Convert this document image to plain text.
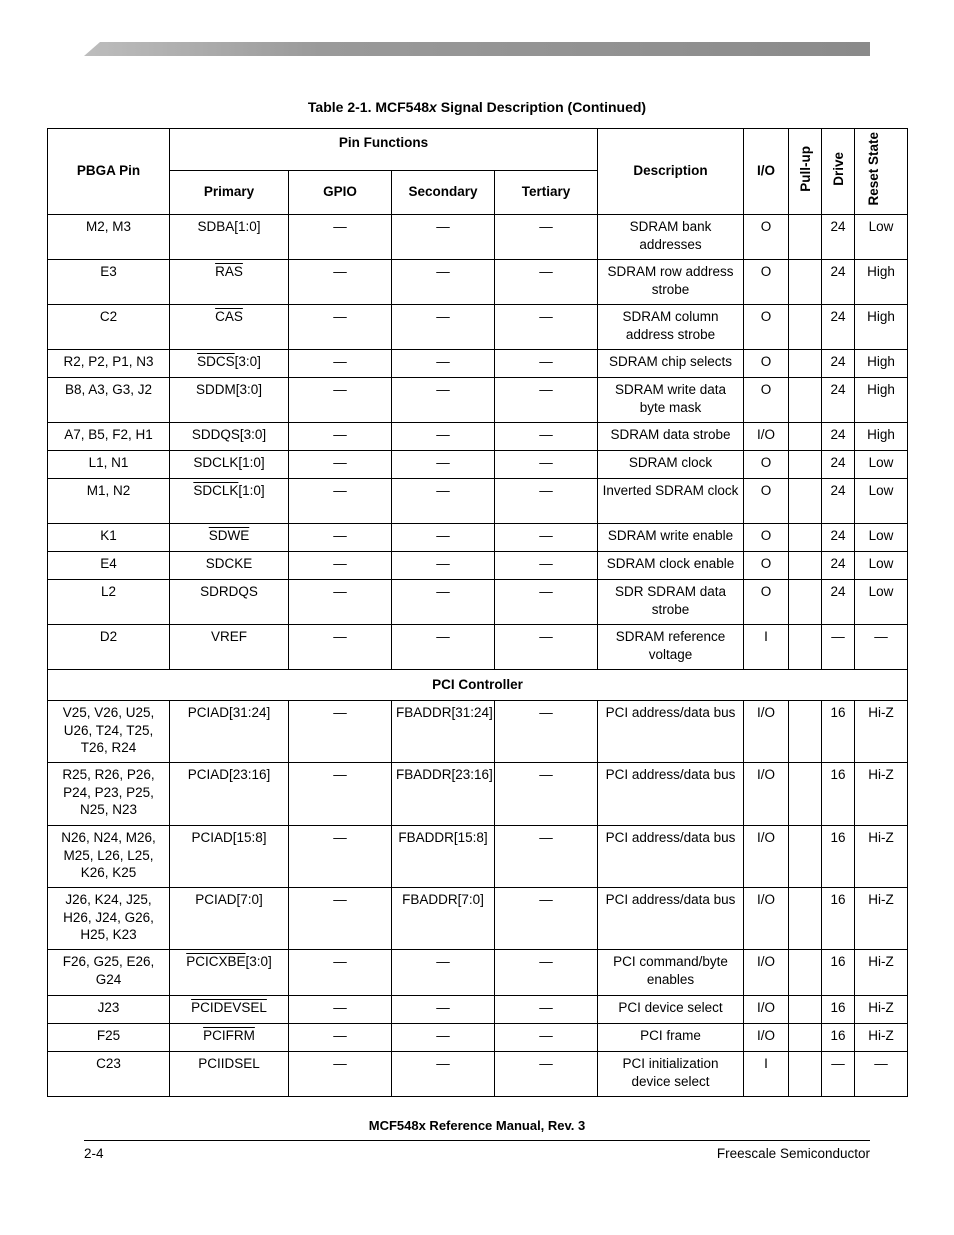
Table 2-1. MCF548x Signal Description (Continued)
PBGA Pin	Pin Functions				Description	I/O	Pull-up	Drive	Reset State
	Primary	GPIO	Secondary	Tertiary					
M2, M3	SDBA[1:0]	—	—	—	SDRAM bank addresses	O		24	Low
E3	$\overline{RAS}$	—	—	—	SDRAM row address strobe	O		24	High
C2	$\overline{CAS}$	—	—	—	SDRAM column address strobe	O		24	High
R2, P2, P1, N3	SDCS[3:0]	—	—	—	SDRAM chip selects	O		24	High
B8, A3, G3, J2	SDDM[3:0]	—	—	—	SDRAM write data byte mask	O		24	High
A7, B5, F2, H1	SDDQS[3:0]	—	—	—	SDRAM data strobe	I/O		24	High
L1, N1	SDCLK[1:0]	—	—	—	SDRAM clock	O		24	Low
M1, N2	SDCLK[1:0]	—	—	—	Inverted SDRAM clock	O		24	Low
K1	SDWE	—	—	—	SDRAM write enable	O		24	Low
E4	SDCKE	—	—	—	SDRAM clock enable	O		24	Low
L2	SDRDQS	—	—	—	SDR SDRAM data strobe	O		24	Low
D2	VREF	—	—	—	SDRAM reference voltage	I		—	—
PCI Controller									
V25, V26, U25, U26, T24, T25, T26, R24	PCIAD[31:24]	—	FBADDR[31:24]	—	PCI address/data bus	I/O		16	Hi-Z
R25, R26, P26, P24, P23, P25, N25, N23	PCIAD[23:16]	—	FBADDR[23:16]	—	PCI address/data bus	I/O		16	Hi-Z
N26, N24, M26, M25, L26, L25, K26, K25	PCIAD[15:8]	—	FBADDR[15:8]	—	PCI address/data bus	I/O		16	Hi-Z
J26, K24, J25, H26, J24, G26, H25, K23	PCIAD[7:0]	—	FBADDR[7:0]	—	PCI address/data bus	I/O		16	Hi-Z
F26, G25, E26, G24	PCICXBE[3:0]	—	—	—	PCI command/byte enables	I/O		16	Hi-Z
J23	PCIDEVSEL	—	—	—	PCI device select	I/O		16	Hi-Z
F25	PCIFRM	—	—	—	PCI frame	I/O		16	Hi-Z
C23	PCIIDSEL	—	—	—	PCI initialization device select	I		—	—
MCF548x Reference Manual, Rev. 3
2-4	Freescale Semiconductor
